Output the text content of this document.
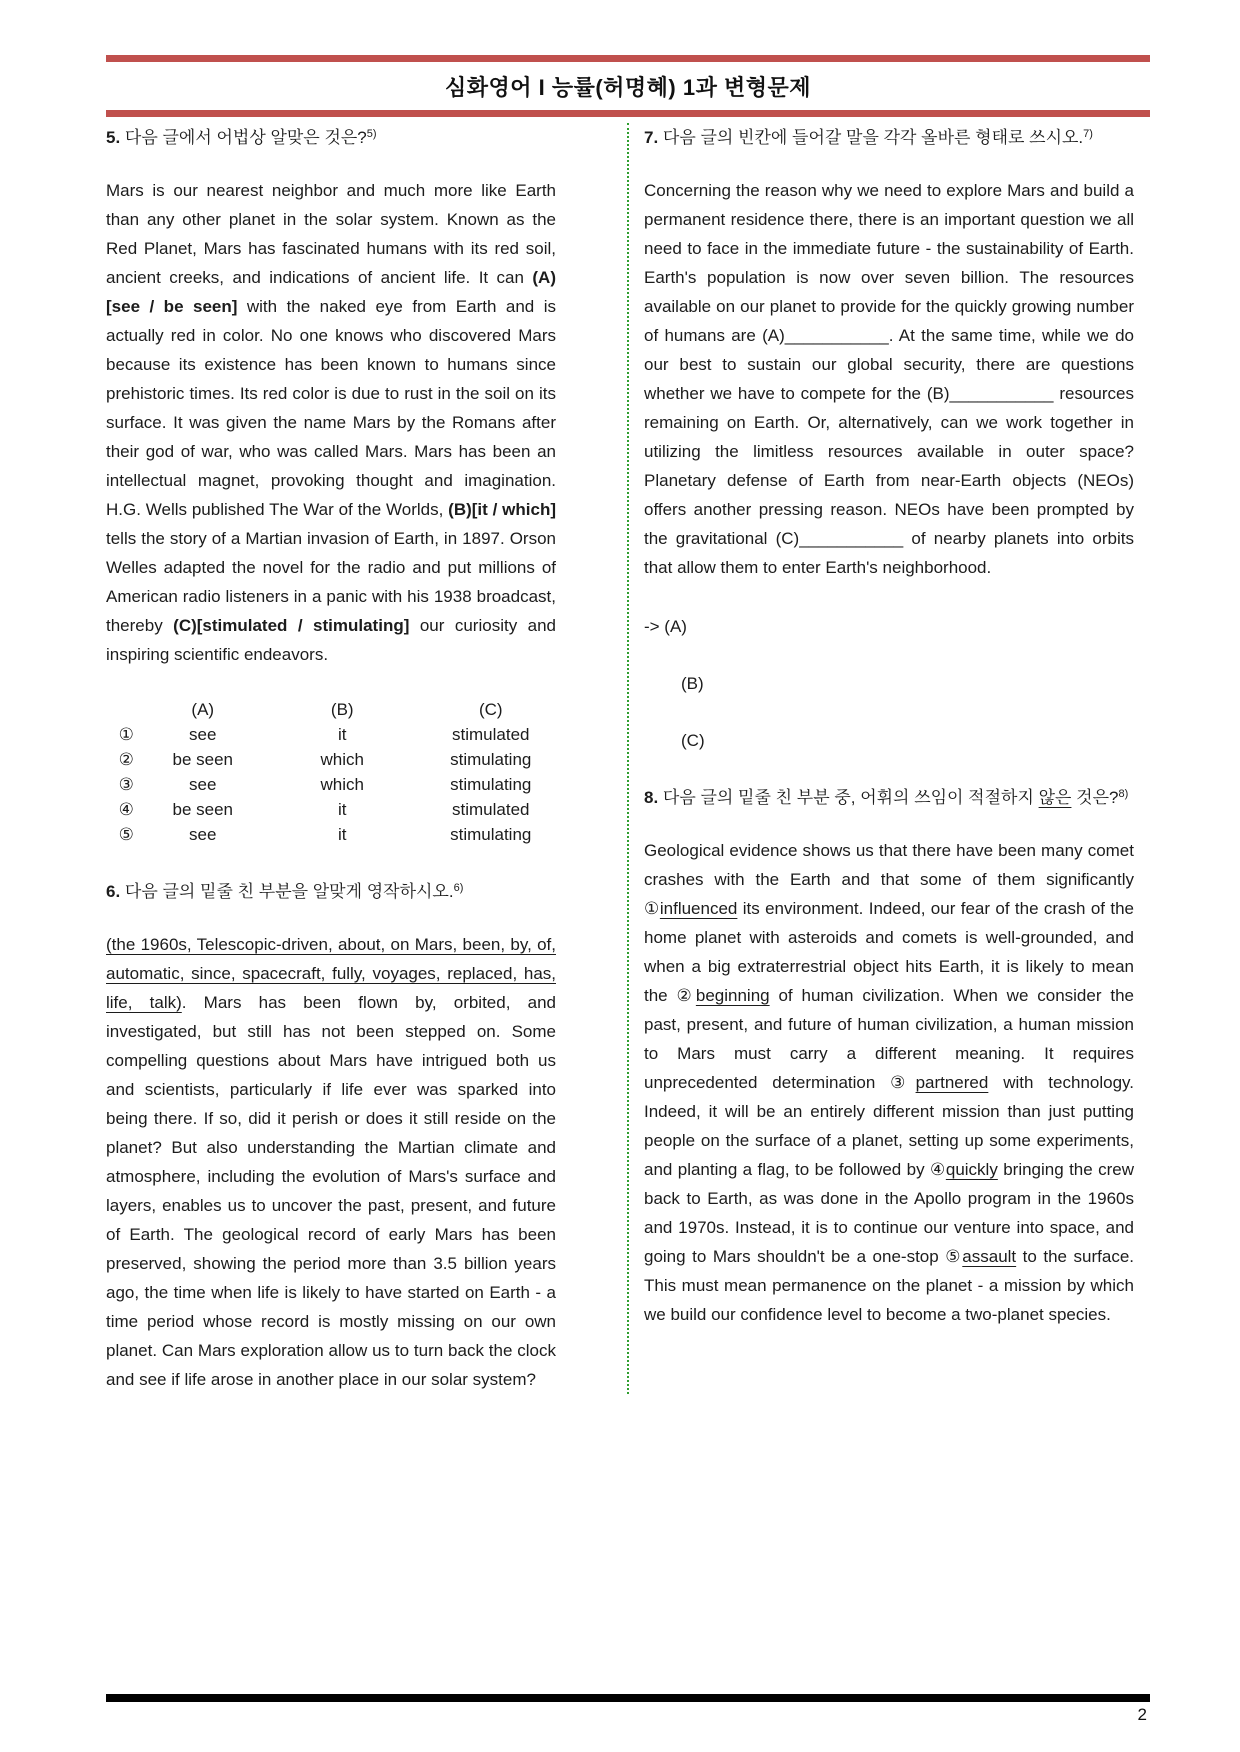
심화영어 I 능률(허명혜) 1과 변형문제
5. 다음 글에서 어법상 알맞은 것은?$^{5)}$

Mars is our nearest neighbor and much more like Earth than any other planet in the solar system. Known as the Red Planet, Mars has fascinated humans with its red soil, ancient creeks, and indications of ancient life. It can (A)[see / be seen] with the naked eye from Earth and is actually red in color. No one knows who discovered Mars because its existence has been known to humans since prehistoric times. Its red color is due to rust in the soil on its surface. It was given the name Mars by the Romans after their god of war, who was called Mars. Mars has been an intellectual magnet, provoking thought and imagination. H.G. Wells published The War of the Worlds, (B)[it / which] tells the story of a Martian invasion of Earth, in 1897. Orson Welles adapted the novel for the radio and put millions of American radio listeners in a panic with his 1938 broadcast, thereby (C)[stimulated / stimulating] our curiosity and inspiring scientific endeavors.

	(A)	(B)	(C)
①	see	it	stimulated
②	be seen	which	stimulating
③	see	which	stimulating
④	be seen	it	stimulated
⑤	see	it	stimulating
6. 다음 글의 밑줄 친 부분을 알맞게 영작하시오.$^{6)}$

(the 1960s, Telescopic-driven, about, on Mars, been, by, of, automatic, since, spacecraft, fully, voyages, replaced, has, life, talk). Mars has been flown by, orbited, and investigated, but still has not been stepped on. Some compelling questions about Mars have intrigued both us and scientists, particularly if life ever was sparked into being there. If so, did it perish or does it still reside on the planet? But also understanding the Martian climate and atmosphere, including the evolution of Mars's surface and layers, enables us to uncover the past, present, and future of Earth. The geological record of early Mars has been preserved, showing the period more than 3.5 billion years ago, the time when life is likely to have started on Earth - a time period whose record is mostly missing on our own planet. Can Mars exploration allow us to turn back the clock and see if life arose in another place in our solar system?

7. 다음 글의 빈칸에 들어갈 말을 각각 올바른 형태로 쓰시오.$^{7)}$

Concerning the reason why we need to explore Mars and build a permanent residence there, there is an important question we all need to face in the immediate future - the sustainability of Earth. Earth's population is now over seven billion. The resources available on our planet to provide for the quickly growing number of humans are (A)___________. At the same time, while we do our best to sustain our global security, there are questions whether we have to compete for the (B)___________ resources remaining on Earth. Or, alternatively, can we work together in utilizing the limitless resources available in outer space? Planetary defense of Earth from near-Earth objects (NEOs) offers another pressing reason. NEOs have been prompted by the gravitational (C)___________ of nearby planets into orbits that allow them to enter Earth's neighborhood.

-> (A)
(B)
(C)
8. 다음 글의 밑줄 친 부분 중, 어휘의 쓰임이 적절하지 않은 것은?$^{8)}$

Geological evidence shows us that there have been many comet crashes with the Earth and that some of them significantly ①influenced its environment. Indeed, our fear of the crash of the home planet with asteroids and comets is well-grounded, and when a big extraterrestrial object hits Earth, it is likely to mean the ②beginning of human civilization. When we consider the past, present, and future of human civilization, a human mission to Mars must carry a different meaning. It requires unprecedented determination ③partnered with technology. Indeed, it will be an entirely different mission than just putting people on the surface of a planet, setting up some experiments, and planting a flag, to be followed by ④quickly bringing the crew back to Earth, as was done in the Apollo program in the 1960s and 1970s. Instead, it is to continue our venture into space, and going to Mars shouldn't be a one-stop ⑤assault to the surface. This must mean permanence on the planet - a mission by which we build our confidence level to become a two-planet species.

2
